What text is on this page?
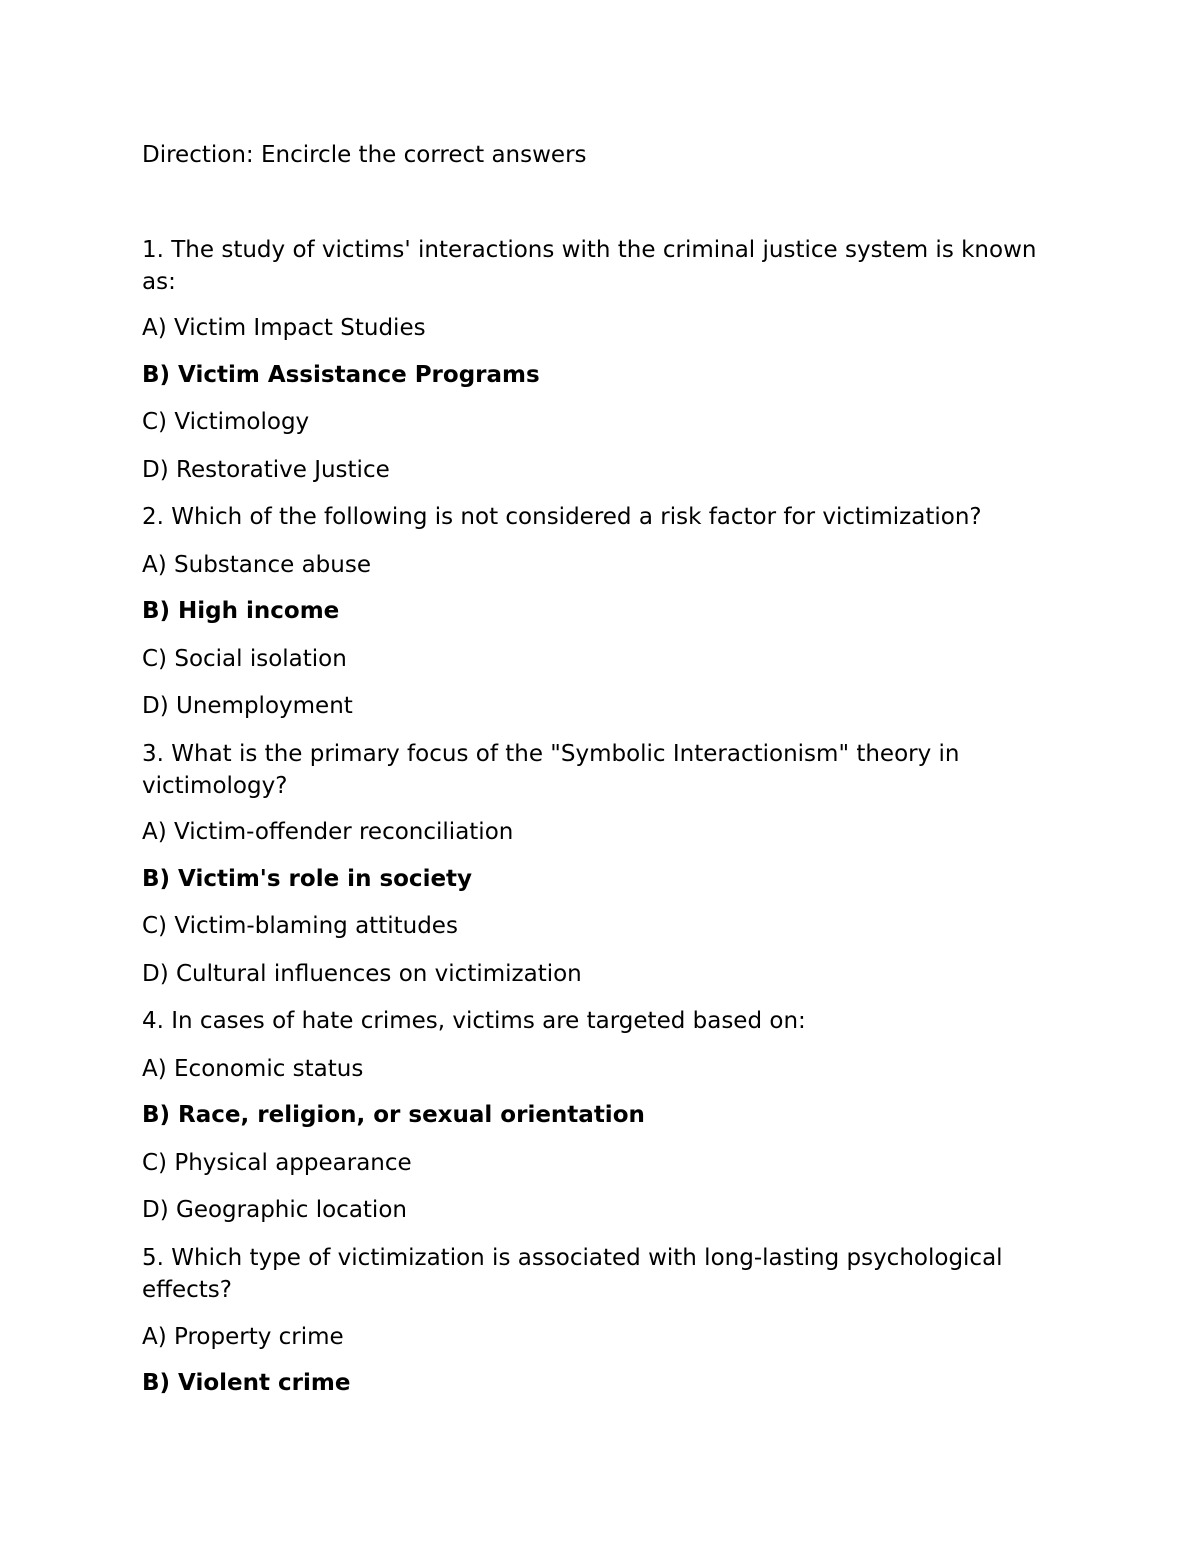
Direction: Encircle the correct answers
1. The study of victims' interactions with the criminal justice system is known as:
A) Victim Impact Studies
B) Victim Assistance Programs
C) Victimology
D) Restorative Justice
2. Which of the following is not considered a risk factor for victimization?
A) Substance abuse
B) High income
C) Social isolation
D) Unemployment
3. What is the primary focus of the "Symbolic Interactionism" theory in victimology?
A) Victim-offender reconciliation
B) Victim's role in society
C) Victim-blaming attitudes
D) Cultural influences on victimization
4. In cases of hate crimes, victims are targeted based on:
A) Economic status
B) Race, religion, or sexual orientation
C) Physical appearance
D) Geographic location
5. Which type of victimization is associated with long-lasting psychological effects?
A) Property crime
B) Violent crime
